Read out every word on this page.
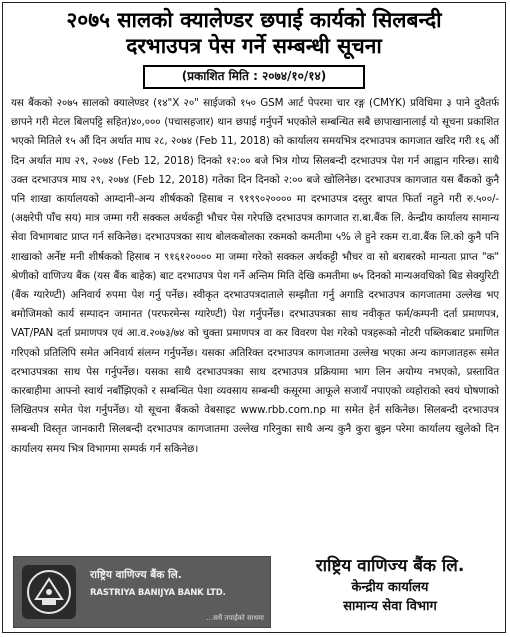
२०७५ सालको क्यालेण्डर छपाई कार्यको सिलबन्दी
दरभाउपत्र पेस गर्ने सम्बन्धी सूचना
(प्रकाशित मिति : २०७४/१०/१४)
यस बैंकको २०७५ सालको क्यालेण्डर (१४"X २०" साईजको १५० GSM आर्ट पेपरमा चार रङ्ग (CMYK) प्रविधिमा ३ पाने दुवैतर्फ छापने गरी मेटल बिलपट्टि सहित)४०,००० (पचासहजार) थान छपाई गर्नुपर्ने भएकोले सम्बन्धित सबै छापाखानालाई यो सूचना प्रकाशित भएको मितिले १५ औं दिन अर्थात माघ २८, २०७४ (Feb 11, 2018) को कार्यालय समयभित्र दरभाउपत्र कागजात खरिद गरी १६ औं दिन अर्थात माघ २९, २०७४ (Feb 12, 2018) दिनको १२:०० बजे भित्र गोप्य सिलबन्दी दरभाउपत्र पेश गर्न आह्वान गरिन्छ। साथै उक्त दरभाउपत्र माघ २९, २०७४ (Feb 12, 2018) गतेका दिन दिनको २:०० बजे खोलिनेछ। दरभाउपत्र कागजात यस बैंकको कुनै पनि शाखा कार्यालयको आम्दानी-अन्य शीर्षकको हिसाब न ९१९९०२०००० मा दरभाउपत्र दस्तुर बापत फिर्ता नहुने गरी रु.५००/- (अक्षरेपी पाँच सय) मात्र जम्मा गरी सक्कल अर्थकट्टी भौचर पेस गरेपछि दरभाउपत्र कागजात रा.बा.बैंक लि. केन्द्रीय कार्यालय सामान्य सेवा विभागबाट प्राप्त गर्न सकिनेछ। दरभाउपत्रका साथ बोलकबोलका रकमको कमतीमा ५% ले हुने रकम रा.वा.बैंक लि.को कुनै पनि शाखाको अर्नेष्ट मनी शीर्षकको हिसाब न ९१६१२०००० मा जम्मा गरेको सक्कल अर्थकट्टी भौचर वा सो बराबरको मान्यता प्राप्त "क" श्रेणीको वाणिज्य बैंक (यस बैंक बाहेक) बाट दरभाउपत्र पेश गर्ने अन्तिम मिति देखि कमतीमा ७५ दिनको मान्यअवधिको बिड सेक्युरिटी (बैंक ग्यारेण्टी) अनिवार्य रुपमा पेश गर्नु पर्नेछ। स्वीकृत दरभाउपत्रदाताले सम्झौता गर्नु अगाडि दरभाउपत्र कागजातमा उल्लेख भए बमोजिमको कार्य सम्पादन जमानत (परफरमेन्स ग्यारेण्टी) पेश गर्नुपर्नेछ। दरभाउपत्रका साथ नवीकृत फर्म/कम्पनी दर्ता प्रमाणपत्र, VAT/PAN दर्ता प्रमाणपत्र एवं आ.व.२०७३/७४ को चुक्ता प्रमाणपत्र वा कर विवरण पेश गरेको पत्रहरूको नोटरी पब्लिकबाट प्रमाणित गरिएको प्रतिलिपि समेत अनिवार्य संलग्न गर्नुपर्नेछ। यसका अतिरिक्त दरभाउपत्र कागजातमा उल्लेख भएका अन्य कागजातहरू समेत दरभाउपत्रका साथ पेस गर्नुपर्नेछ। यसका साथै दरभाउपत्रका साथ दरभाउपत्र प्रक्रियामा भाग लिन अयोग्य नभएको, प्रस्तावित कारबाहीमा आफ्नो स्वार्थ नबाँझिएको र सम्बन्धित पेशा व्यवसाय सम्बन्धी कसूरमा आफूले सजायँ नपाएको व्यहोराको स्वयं घोषणाको लिखितपत्र समेत पेश गर्नुपर्नेछ। यो सूचना बैंकको वेबसाइट www.rbb.com.np मा समेत हेर्न सकिनेछ। सिलबन्दी दरभाउपत्र सम्बन्धी विस्तृत जानकारी सिलबन्दी दरभाउपत्र कागजातमा उल्लेख गरिनुका साथै अन्य कुनै कुरा बुझ्न परेमा कार्यालय खुलेको दिन कार्यालय समय भित्र विभागमा सम्पर्क गर्न सकिनेछ।
राष्ट्रिय वाणिज्य बैंक लि.
RASTRIYA BANIJYA BANK LTD.
...सधैं तपाईंको साथमा
राष्ट्रिय वाणिज्य बैंक लि.
केन्द्रीय कार्यालय
सामान्य सेवा विभाग
